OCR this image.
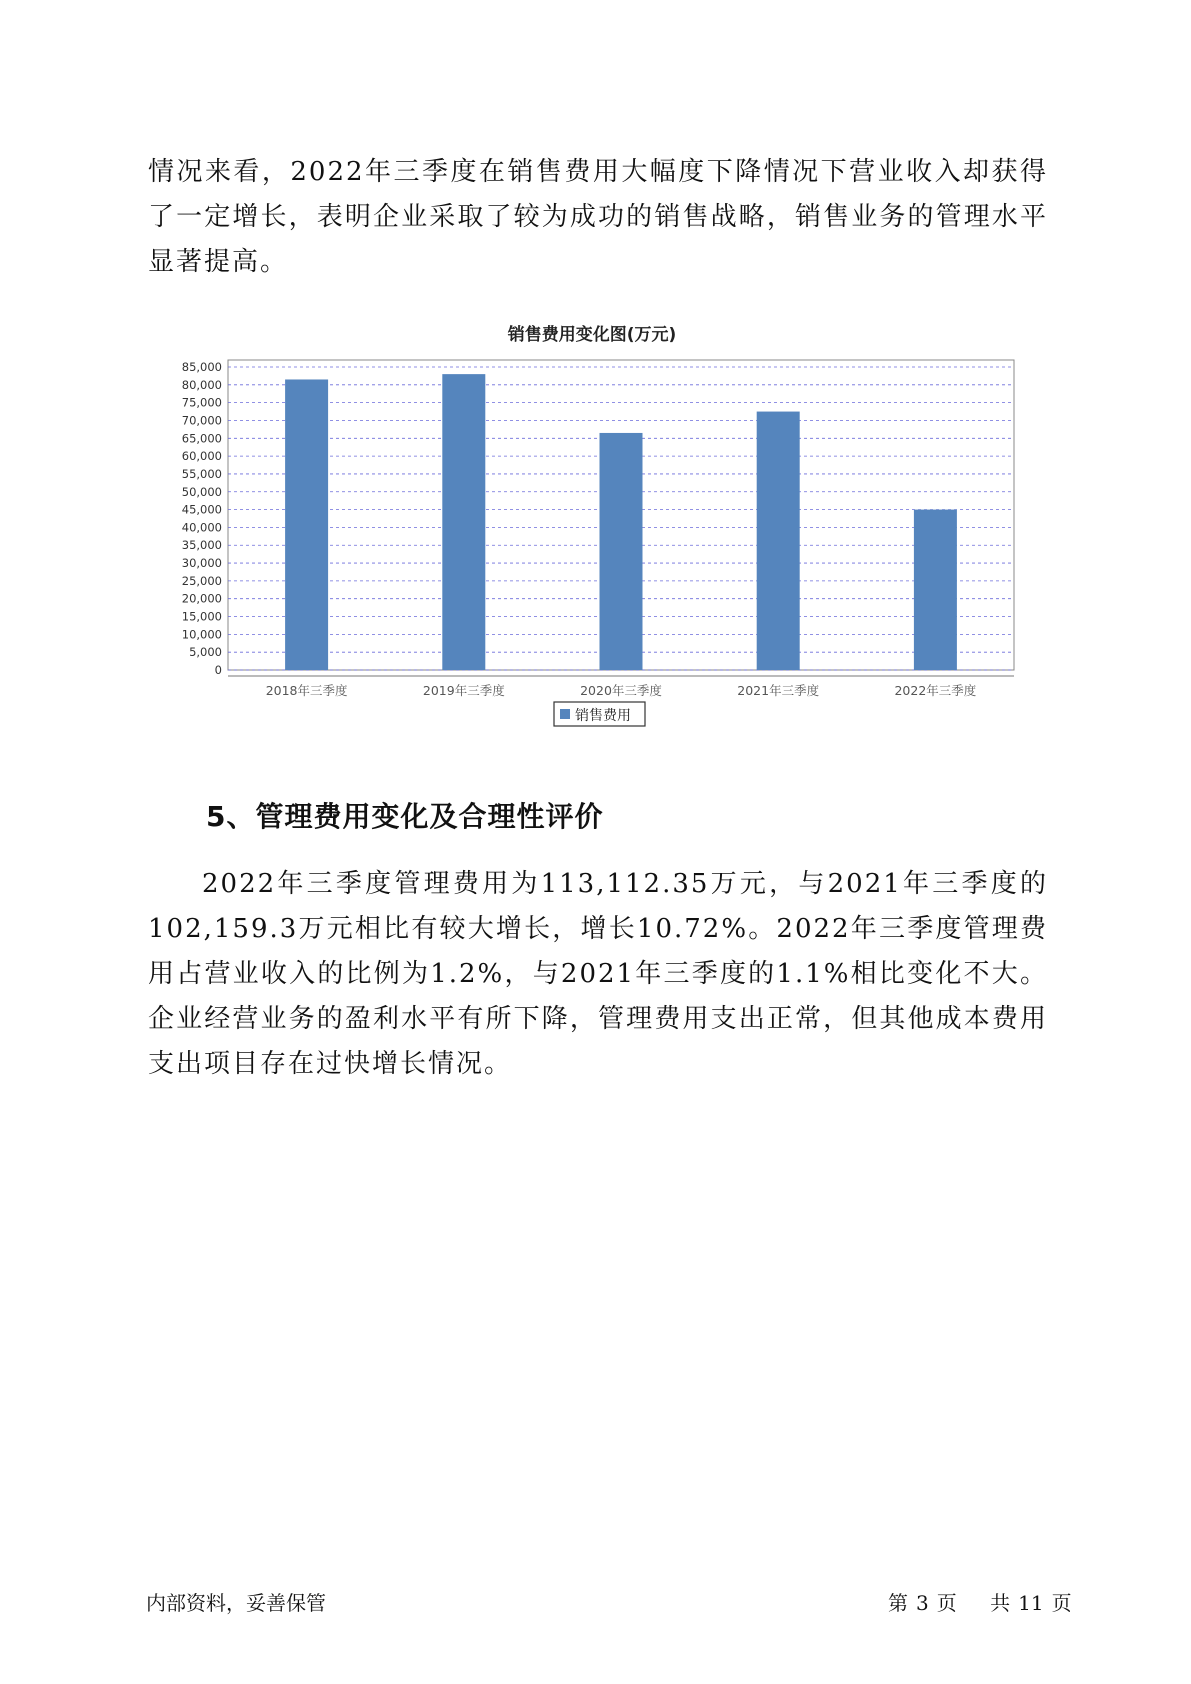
情况来看，2022年三季度在销售费用大幅度下降情况下营业收入却获得了一定增长，表明企业采取了较为成功的销售战略，销售业务的管理水平显著提高。

销售费用变化图(万元)
0
5,000
10,000
15,000
20,000
25,000
30,000
35,000
40,000
45,000
50,000
55,000
60,000
65,000
70,000
75,000
80,000
85,000
2018年三季度	2019年三季度	2020年三季度	2021年三季度	2022年三季度
销售费用
5、管理费用变化及合理性评价

2022年三季度管理费用为113,112.35万元，与2021年三季度的102,159.3万元相比有较大增长，增长10.72%。2022年三季度管理费用占营业收入的比例为1.2%，与2021年三季度的1.1%相比变化不大。企业经营业务的盈利水平有所下降，管理费用支出正常，但其他成本费用支出项目存在过快增长情况。

内部资料，妥善保管	第 3 页 共 11 页
